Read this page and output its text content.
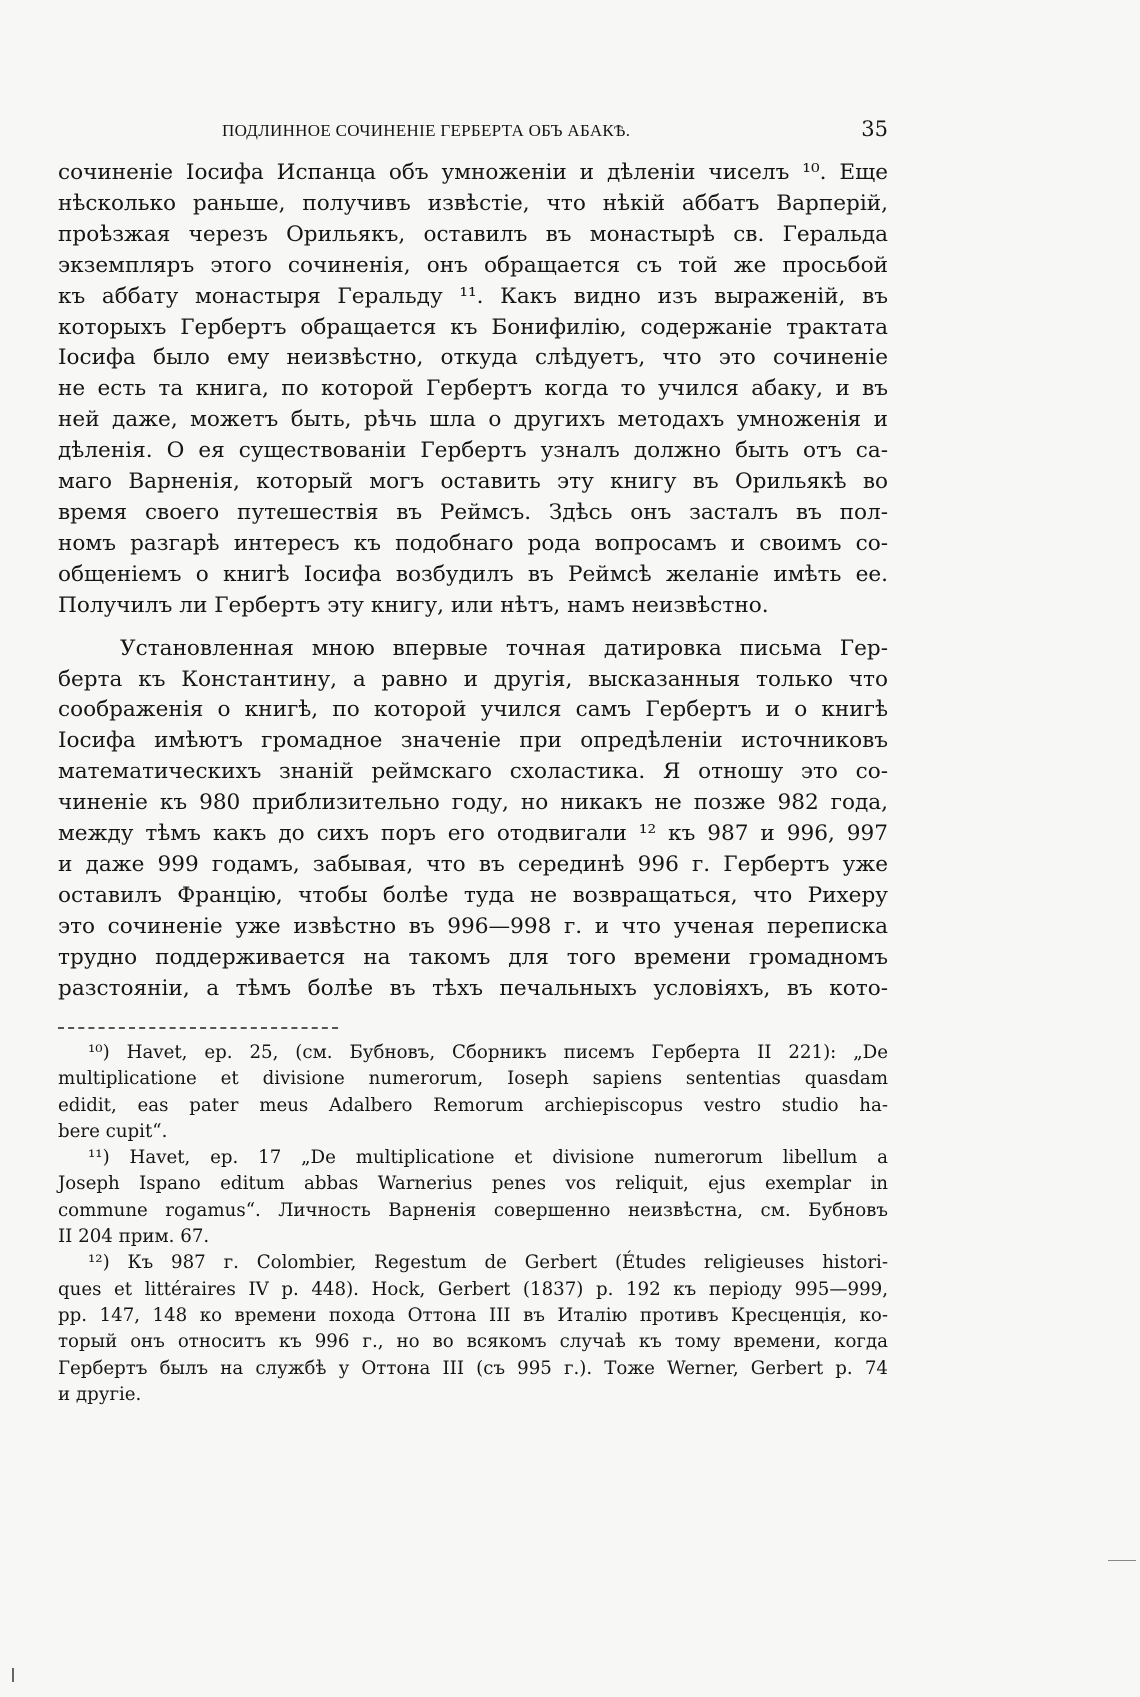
ПОДЛИННОЕ СОЧИНЕНІЕ ГЕРБЕРТА ОБЪ АБАКѢ.	35

сочиненіе Іосифа Испанца объ умноженіи и дѣленіи чиселъ ¹⁰. Еще
нѣсколько раньше, получивъ извѣстіе, что нѣкій аббатъ Варперій,
проѣзжая черезъ Орильякъ, оставилъ въ монастырѣ св. Геральда
экземпляръ этого сочиненія, онъ обращается съ той же просьбой
къ аббату монастыря Геральду ¹¹. Какъ видно изъ выраженій, въ
которыхъ Гербертъ обращается къ Бонифилію, содержаніе трактата
Іосифа было ему неизвѣстно, откуда слѣдуетъ, что это сочиненіе
не есть та книга, по которой Гербертъ когда то учился абаку, и въ
ней даже, можетъ быть, рѣчь шла о другихъ методахъ умноженія и
дѣленія. О ея существованіи Гербертъ узналъ должно быть отъ са-
маго Варненія, который могъ оставить эту книгу въ Орильякѣ во
время своего путешествія въ Реймсъ. Здѣсь онъ засталъ въ пол-
номъ разгарѣ интересъ къ подобнаго рода вопросамъ и своимъ со-
общеніемъ о книгѣ Іосифа возбудилъ въ Реймсѣ желаніе имѣть ее.
Получилъ ли Гербертъ эту книгу, или нѣтъ, намъ неизвѣстно.

Установленная мною впервые точная датировка письма Гер-
берта къ Константину, а равно и другія, высказанныя только что
соображенія о книгѣ, по которой учился самъ Гербертъ и о книгѣ
Іосифа имѣютъ громадное значеніе при опредѣленіи источниковъ
математическихъ знаній реймскаго схоластика. Я отношу это со-
чиненіе къ 980 приблизительно году, но никакъ не позже 982 года,
между тѣмъ какъ до сихъ поръ его отодвигали ¹² къ 987 и 996, 997
и даже 999 годамъ, забывая, что въ серединѣ 996 г. Гербертъ уже
оставилъ Францію, чтобы болѣе туда не возвращаться, что Рихеру
это сочиненіе уже извѣстно въ 996—998 г. и что ученая переписка
трудно поддерживается на такомъ для того времени громадномъ
разстояніи, а тѣмъ болѣе въ тѣхъ печальныхъ условіяхъ, въ кото-

¹⁰) Havet, ep. 25, (см. Бубновъ, Сборникъ писемъ Герберта II 221): „De
multiplicatione et divisione numerorum, Ioseph sapiens sententias quasdam
edidit, eas pater meus Adalbero Remorum archiepiscopus vestro studio ha-
bere cupit“.
¹¹) Havet, ep. 17 „De multiplicatione et divisione numerorum libellum a
Joseph Ispano editum abbas Warnerius penes vos reliquit, ejus exemplar in
commune rogamus“. Личность Варненія совершенно неизвѣстна, см. Бубновъ
II 204 прим. 67.
¹²) Къ 987 г. Colombier, Regestum de Gerbert (Études religieuses histori-
ques et littéraires IV p. 448). Hock, Gerbert (1837) p. 192 къ періоду 995—999,
pp. 147, 148 ко времени похода Оттона III въ Италію противъ Кресценція, ко-
торый онъ относитъ къ 996 г., но во всякомъ случаѣ къ тому времени, когда
Гербертъ былъ на службѣ у Оттона III (съ 995 г.). Тоже Werner, Gerbert p. 74
и другіе.
